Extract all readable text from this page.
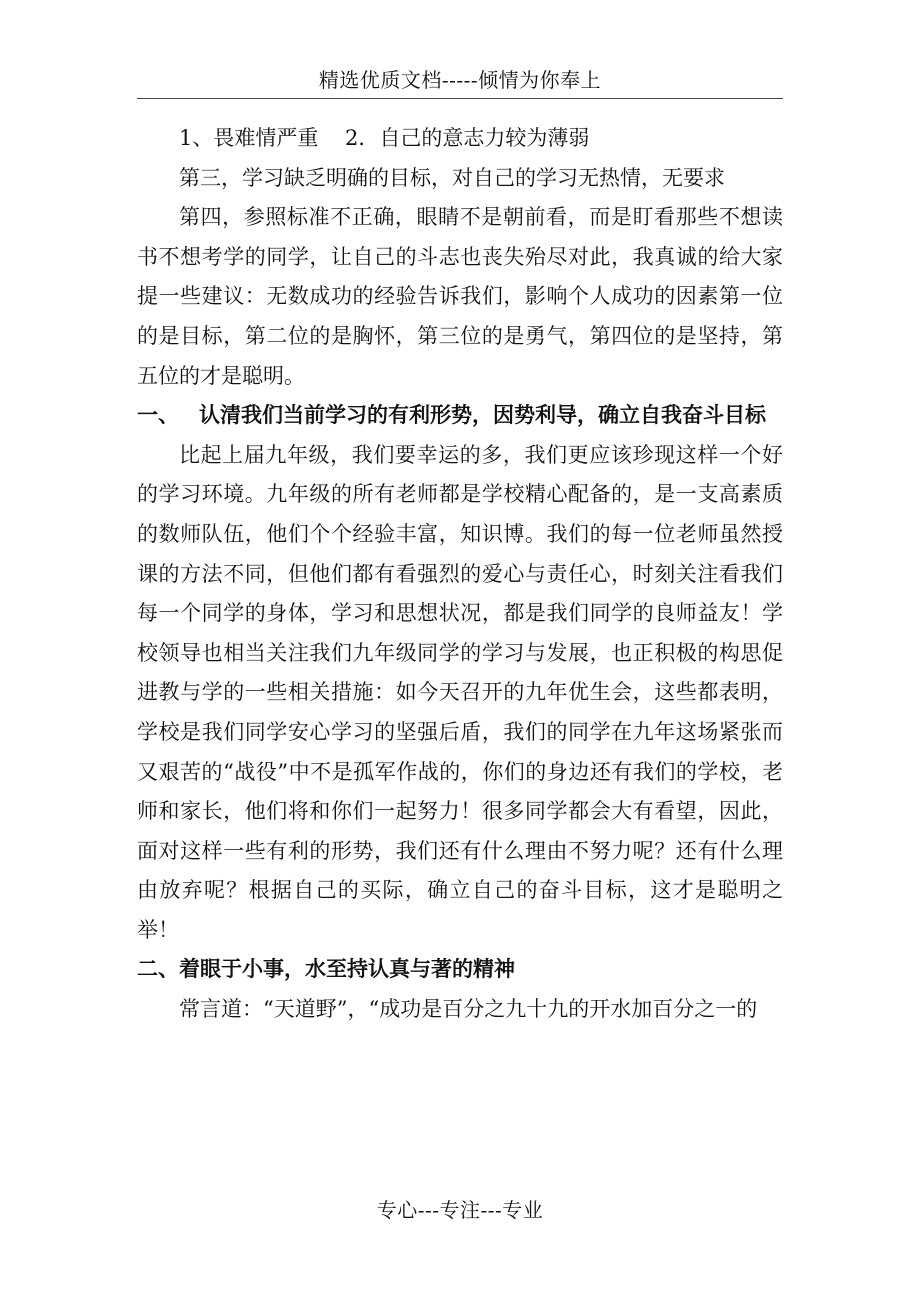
精选优质文档-----倾情为你奉上

1、畏难情严重    2．自己的意志力较为薄弱

第三，学习缺乏明确的目标，对自己的学习无热情，无要求

第四，参照标准不正确，眼睛不是朝前看，而是盯看那些不想读书不想考学的同学，让自己的斗志也丧失殆尽对此，我真诚的给大家提一些建议：无数成功的经验告诉我们，影响个人成功的因素第一位的是目标，第二位的是胸怀，第三位的是勇气，第四位的是坚持，第五位的才是聪明。

一、 认清我们当前学习的有利形势，因势利导，确立自我奋斗目标

比起上届九年级，我们要幸运的多，我们更应该珍现这样一个好的学习环境。九年级的所有老师都是学校精心配备的，是一支高素质的数师队伍，他们个个经验丰富，知识博。我们的每一位老师虽然授课的方法不同，但他们都有看强烈的爱心与责任心，时刻关注看我们每一个同学的身体，学习和思想状况，都是我们同学的良师益友！学校领导也相当关注我们九年级同学的学习与发展，也正积极的构思促进教与学的一些相关措施：如今天召开的九年优生会，这些都表明，学校是我们同学安心学习的坚强后盾，我们的同学在九年这场紧张而又艰苦的“战役”中不是孤军作战的，你们的身边还有我们的学校，老师和家长，他们将和你们一起努力！很多同学都会大有看望，因此，面对这样一些有利的形势，我们还有什么理由不努力呢？还有什么理由放弃呢？根据自己的买际，确立自己的奋斗目标，这才是聪明之举！

二、着眼于小事，水至持认真与著的精神

常言道：“天道野”，“成功是百分之九十九的开水加百分之一的

专心---专注---专业
